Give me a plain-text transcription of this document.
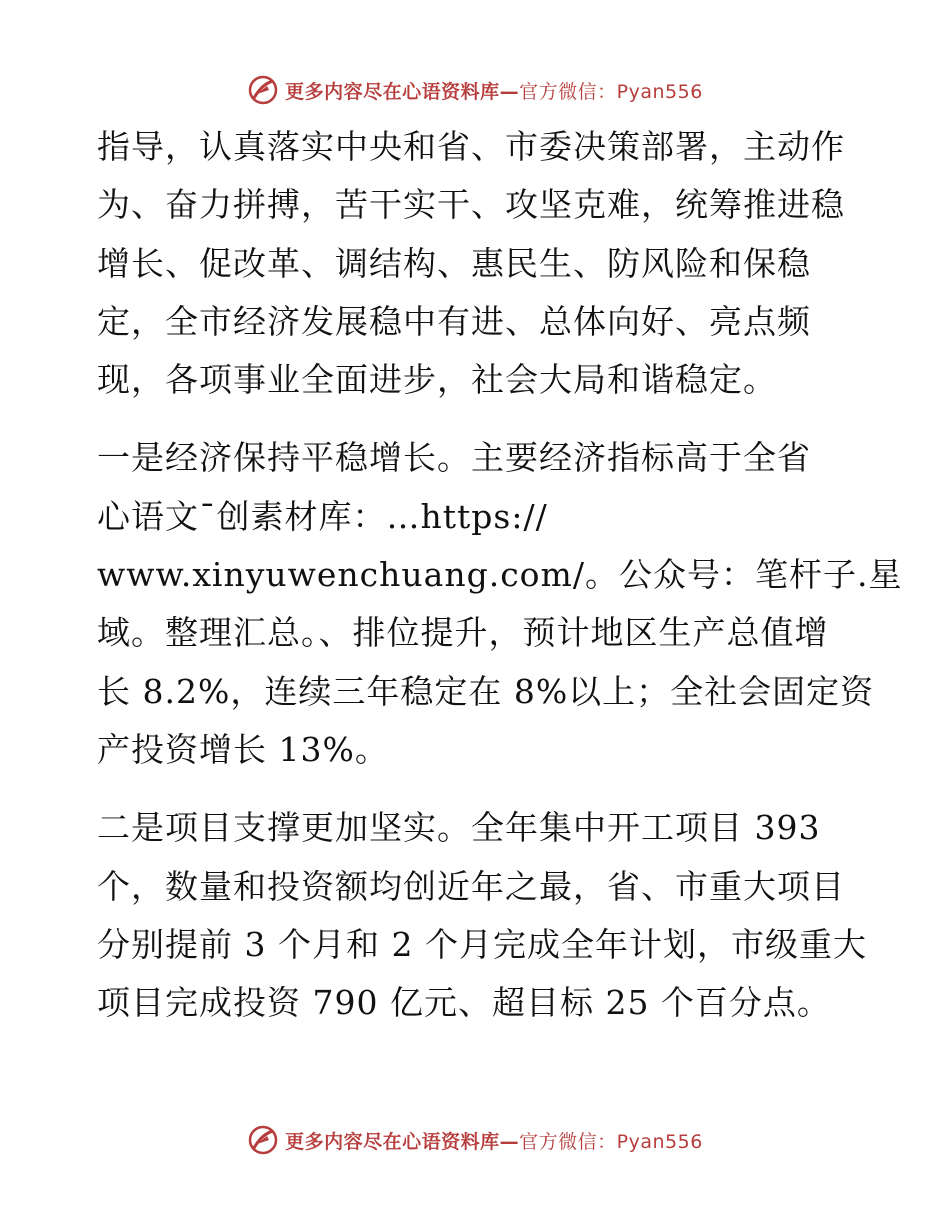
更多内容尽在心语资料库—官方微信：Pyan556

指导，认真落实中央和省、市委决策部署，主动作
为、奋力拼搏，苦干实干、攻坚克难，统筹推进稳
增长、促改革、调结构、惠民生、防风险和保稳
定，全市经济发展稳中有进、总体向好、亮点频
现，各项事业全面进步，社会大局和谐稳定。

一是经济保持平稳增长。主要经济指标高于全省
心语文¯创素材库：…https://
www.xinyuwenchuang.com/。公众号：笔杆子.星
域。整理汇总。、排位提升，预计地区生产总值增
长 8.2%，连续三年稳定在 8%以上；全社会固定资
产投资增长 13%。

二是项目支撑更加坚实。全年集中开工项目 393
个，数量和投资额均创近年之最，省、市重大项目
分别提前 3 个月和 2 个月完成全年计划，市级重大
项目完成投资 790 亿元、超目标 25 个百分点。

更多内容尽在心语资料库—官方微信：Pyan556
